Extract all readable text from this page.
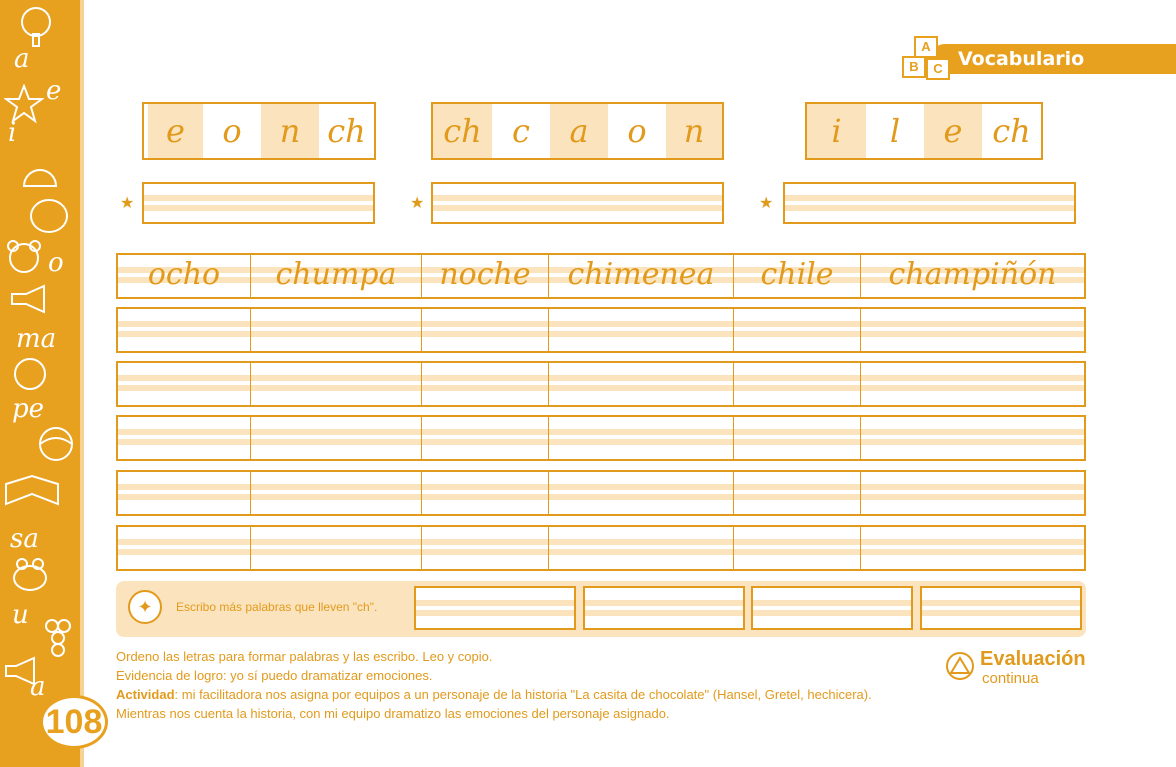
a
e
i
o
ma
pe
sa
u
a
108
A
B	C Vocabulario
e	o	n ch	ch c	a	o	n	i	l	e ch
★	★	★
ocho	chumpa	noche	chimenea	chile	champiñón
✦	Escribo más palabras que lleven "ch".
Evaluación
continua
Ordeno las letras para formar palabras y las escribo. Leo y copio.
Evidencia de logro: yo sí puedo dramatizar emociones.
Actividad: mi facilitadora nos asigna por equipos a un personaje de la historia "La casita de chocolate" (Hansel, Gretel, hechicera).
Mientras nos cuenta la historia, con mi equipo dramatizo las emociones del personaje asignado.
